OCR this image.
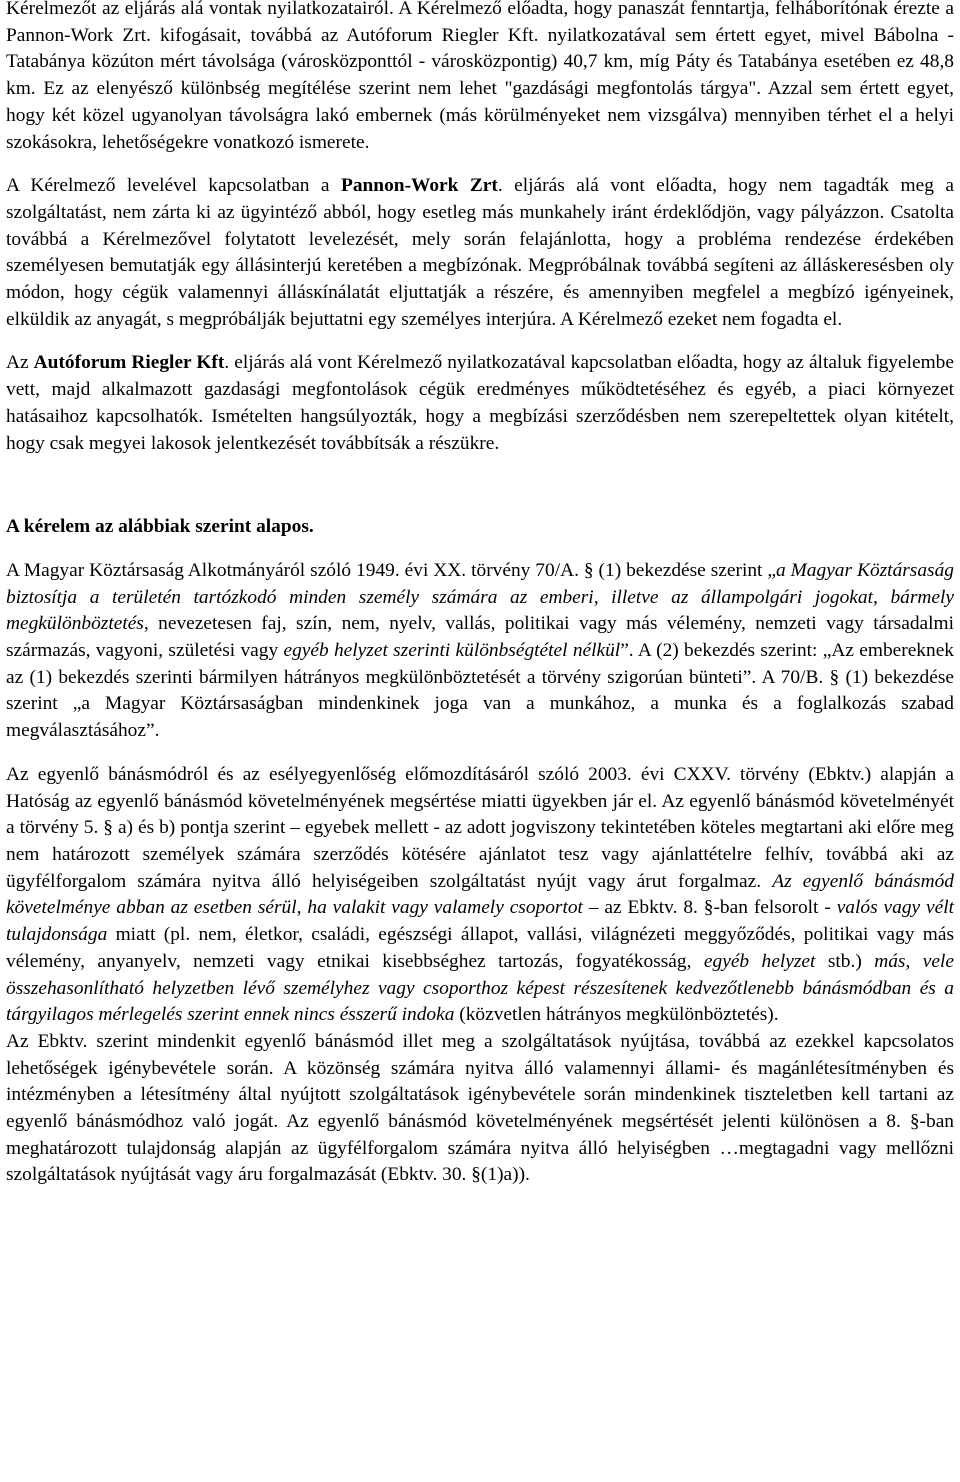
Kérelmezőt az eljárás alá vontak nyilatkozatairól. A Kérelmező előadta, hogy panaszát fenntartja, felháborítónak érezte a Pannon-Work Zrt. kifogásait, továbbá az Autóforum Riegler Kft. nyilatkozatával sem értett egyet, mivel Bábolna - Tatabánya közúton mért távolsága (városközponttól - városközpontig) 40,7 km, míg Páty és Tatabánya esetében ez 48,8 km. Ez az elenyésző különbség megítélése szerint nem lehet "gazdásági megfontolás tárgya". Azzal sem értett egyet, hogy két közel ugyanolyan távolságra lakó embernek (más körülményeket nem vizsgálva) mennyiben térhet el a helyi szokásokra, lehetőségekre vonatkozó ismerete.

A Kérelmező levelével kapcsolatban a Pannon-Work Zrt. eljárás alá vont előadta, hogy nem tagadták meg a szolgáltatást, nem zárta ki az ügyintéző abból, hogy esetleg más munkahely iránt érdeklődjön, vagy pályázzon. Csatolta továbbá a Kérelmezővel folytatott levelezését, mely során felajánlotta, hogy a probléma rendezése érdekében személyesen bemutatják egy állásinterjú keretében a megbízónak. Megpróbálnak továbbá segíteni az álláskeresésben oly módon, hogy cégük valamennyi állásкínálatát eljuttatják a részére, és amennyiben megfelel a megbízó igényeinek, elküldik az anyagát, s megpróbálják bejuttatni egy személyes interjúra. A Kérelmező ezeket nem fogadta el.

Az Autóforum Riegler Kft. eljárás alá vont Kérelmező nyilatkozatával kapcsolatban előadta, hogy az általuk figyelembe vett, majd alkalmazott gazdasági megfontolások cégük eredményes működtetéséhez és egyéb, a piaci környezet hatásaihoz kapcsolhatók. Ismételten hangsúlyozták, hogy a megbízási szerződésben nem szerepeltettek olyan kitételt, hogy csak megyei lakosok jelentkezését továbbítsák a részükre.

A kérelem az alábbiak szerint alapos.

A Magyar Köztársaság Alkotmányáról szóló 1949. évi XX. törvény 70/A. § (1) bekezdése szerint „a Magyar Köztársaság biztosítja a területén tartózkodó minden személy számára az emberi, illetve az állampolgári jogokat, bármely megkülönböztetés, nevezetesen faj, szín, nem, nyelv, vallás, politikai vagy más vélemény, nemzeti vagy társadalmi származás, vagyoni, születési vagy egyéb helyzet szerinti különbségtétel nélkül”. A (2) bekezdés szerint: „Az embereknek az (1) bekezdés szerinti bármilyen hátrányos megkülönböztetését a törvény szigorúan bünteti”. A 70/B. § (1) bekezdése szerint „a Magyar Köztársaságban mindenkinek joga van a munkához, a munka és a foglalkozás szabad megválasztásához”.

Az egyenlő bánásmódról és az esélyegyenlőség előmozdításáról szóló 2003. évi CXXV. törvény (Ebktv.) alapján a Hatóság az egyenlő bánásmód követelményének megsértése miatti ügyekben jár el. Az egyenlő bánásmód követelményét a törvény 5. § a) és b) pontja szerint – egyebek mellett - az adott jogviszony tekintetében köteles megtartani aki előre meg nem határozott személyek számára szerződés kötésére ajánlatot tesz vagy ajánlattételre felhív, továbbá aki az ügyfélforgalom számára nyitva álló helyiségeiben szolgáltatást nyújt vagy árut forgalmaz. Az egyenlő bánásmód követelménye abban az esetben sérül, ha valakit vagy valamely csoportot – az Ebktv. 8. §-ban felsorolt - valós vagy vélt tulajdonsága miatt (pl. nem, életkor, családi, egészségi állapot, vallási, világnézeti meggyőződés, politikai vagy más vélemény, anyanyelv, nemzeti vagy etnikai kisebbséghez tartozás, fogyatékosság, egyéb helyzet stb.) más, vele összehasonlítható helyzetben lévő személyhez vagy csoporthoz képest részesítenek kedvezőtlenebb bánásmódban és a tárgyilagos mérlegelés szerint ennek nincs ésszerű indoka (közvetlen hátrányos megkülönböztetés).

Az Ebktv. szerint mindenkit egyenlő bánásmód illet meg a szolgáltatások nyújtása, továbbá az ezekkel kapcsolatos lehetőségek igénybevétele során. A közönség számára nyitva álló valamennyi állami- és magánlétesítményben és intézményben a létesítmény által nyújtott szolgáltatások igénybevétele során mindenkinek tiszteletben kell tartani az egyenlő bánásmódhoz való jogát. Az egyenlő bánásmód követelményének megsértését jelenti különösen a 8. §-ban meghatározott tulajdonság alapján az ügyfélforgalom számára nyitva álló helyiségben …megtagadni vagy mellőzni szolgáltatások nyújtását vagy áru forgalmazását (Ebktv. 30. §(1)a)).
